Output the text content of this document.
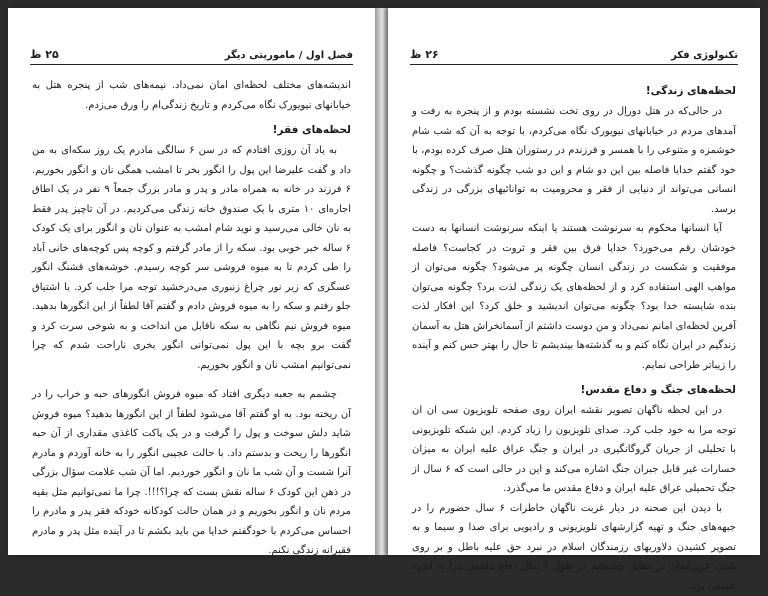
فصل اول / ماموریتی دیگر
۲۵ ظ

اندیشه‌های مختلف لحظه‌ای امان نمی‌داد. نیمه‌های شب از پنجره هتل به خیابانهای نیویورک نگاه می‌کردم و تاریخ زندگی‌ام را ورق می‌زدم.

لحظه‌های فقر!

به یاد آن روزی افتادم که در سن ۶ سالگی مادرم یک روز سکه‌ای به من داد و گفت علیرضا این پول را انگور بخر تا امشب همگی نان و انگور بخوریم. ۶ فرزند در خانه به همراه مادر و پدر و مادر بزرگ جمعاً ۹ نفر در یک اطاق اجاره‌ای ۱۰ متری با یک صندوق خانه زندگی می‌کردیم. در آن تاچیز پدر فقط به نان خالی می‌رسید و نوید شام امشب به عنوان نان و انگور برای یک کودک ۶ ساله خبر خوبی بود. سکه را از مادر گرفتم و کوچه پس کوچه‌های خانی آباد را طی کردم تا به میوه فروشی سر کوچه رسیدم. خوشه‌های قشنگ انگور عسگری که زیر نور چراغ زنبوری می‌درخشید توجه مرا جلب کرد. با اشتیاق جلو رفتم و سکه را به میوه فروش دادم و گفتم آقا لطفاً از این انگورها بدهید. میوه فروش نیم نگاهی به سکه ناقابل من انداخت و به شوخی سرت کرد و گفت برو بچه با این پول نمی‌توانی انگور بخری ناراحت شدم که چرا نمی‌توانیم امشب نان و انگور بخوریم.

چشمم به جعبه دیگری افتاد که میوه فروش انگورهای حبه و خراب را در آن ریخته بود. به او گفتم آقا می‌شود لطفاً از این انگورها بدهید؟ میوه فروش شاید دلش سوخت و پول را گرفت و در یک پاکت کاغذی مقداری از آن حبه انگورها را ریخت و بدستم داد. با حالت عجیبی انگور را به خانه آوردم و مادرم آنرا شست و آن شب ما نان و انگور خوردیم. اما آن شب علامت سؤال بزرگی در ذهن این کودک ۶ ساله نقش بست که چرا؟!!!. چرا ما نمی‌توانیم مثل بقیه مردم نان و انگور بخوریم و در همان حالت کودکانه خودکه فقر پدر و مادرم را احساس می‌کردم با خودگفتم خدایا من باید بکشم تا در آینده مثل پدر و مادرم فقیرانه زندگی نکنم.

تکنولوژی فکر
۲۶ ظ
لحظه‌های زندگی!

در حالی‌که در هتل دوراِل در روی تخت نشسته بودم و از پنجره به رفت و آمدهای مردم در خیابانهای نیویورک نگاه می‌کردم، با توجه به آن که شب شام خوشمزه و متنوعی را با همسر و فرزندم در رستوران هتل صرف کرده بودم، با خود گفتم خدایا فاصله بین این دو شام و این دو شب چگونه گذشت؟ و چگونه انسانی می‌تواند از دنیایی از فقر و محرومیت به توانائیهای بزرگی در زندگی برسد.

آیا انسانها محکوم به سرنوشت هستند یا اینکه سرنوشت انسانها به دست خودشان رقم می‌خورد؟ خدایا فرق بین فقر و ثروت در کجاست؟ فاصله موفقیت و شکست در زندگی انسان چگونه پر می‌شود؟ چگونه می‌توان از مواهب الهی استفاده کرد و از لحظه‌های یک زندگی لذت برد؟ چگونه می‌توان بنده شایسته خدا بود؟ چگونه می‌توان اندیشید و خلق کرد؟ این افکار لذت آفرین لحظه‌ای امانم نمی‌داد و من دوست داشتم از آسمانخراش هتل به آسمان زندگیم در ایران نگاه کنم و به گذشته‌ها بیندیشم تا حال را بهتر حس کنم و آینده را زیباتر طراحی نمایم.

لحظه‌های جنگ و دفاع مقدس!

در این لحظه ناگهان تصویر نقشه ایران روی صفحه تلویزیون سی ان ان توجه مرا به خود جلب کرد. صدای تلویزیون را زیاد کردم. این شبکه تلویزیونی با تحلیلی از جریان گروگانگیری در ایران و جنگ عراق علیه ایران به میزان خسارات غیر قابل جبران جنگ اشاره می‌کند و این در حالی است که ۶ سال از جنگ تحمیلی عراق علیه ایران و دفاع مقدس ما می‌گذرد.

با دیدن این صحنه در دیار غربت ناگهان خاطرات ۶ سال حضورم را در جبهه‌های جنگ و تهیه گزارشهای تلویزیونی و رادیویی برای صدا و سیما و به تصویر کشیدن دلاوریهای رزمندگان اسلام در نبرد حق علیه باطل و بر روی شدن عزیزانمان در مقابل چشمانم در طول ۶ سال دفاع مقدس مرا به اندوه عمیقی برد.
